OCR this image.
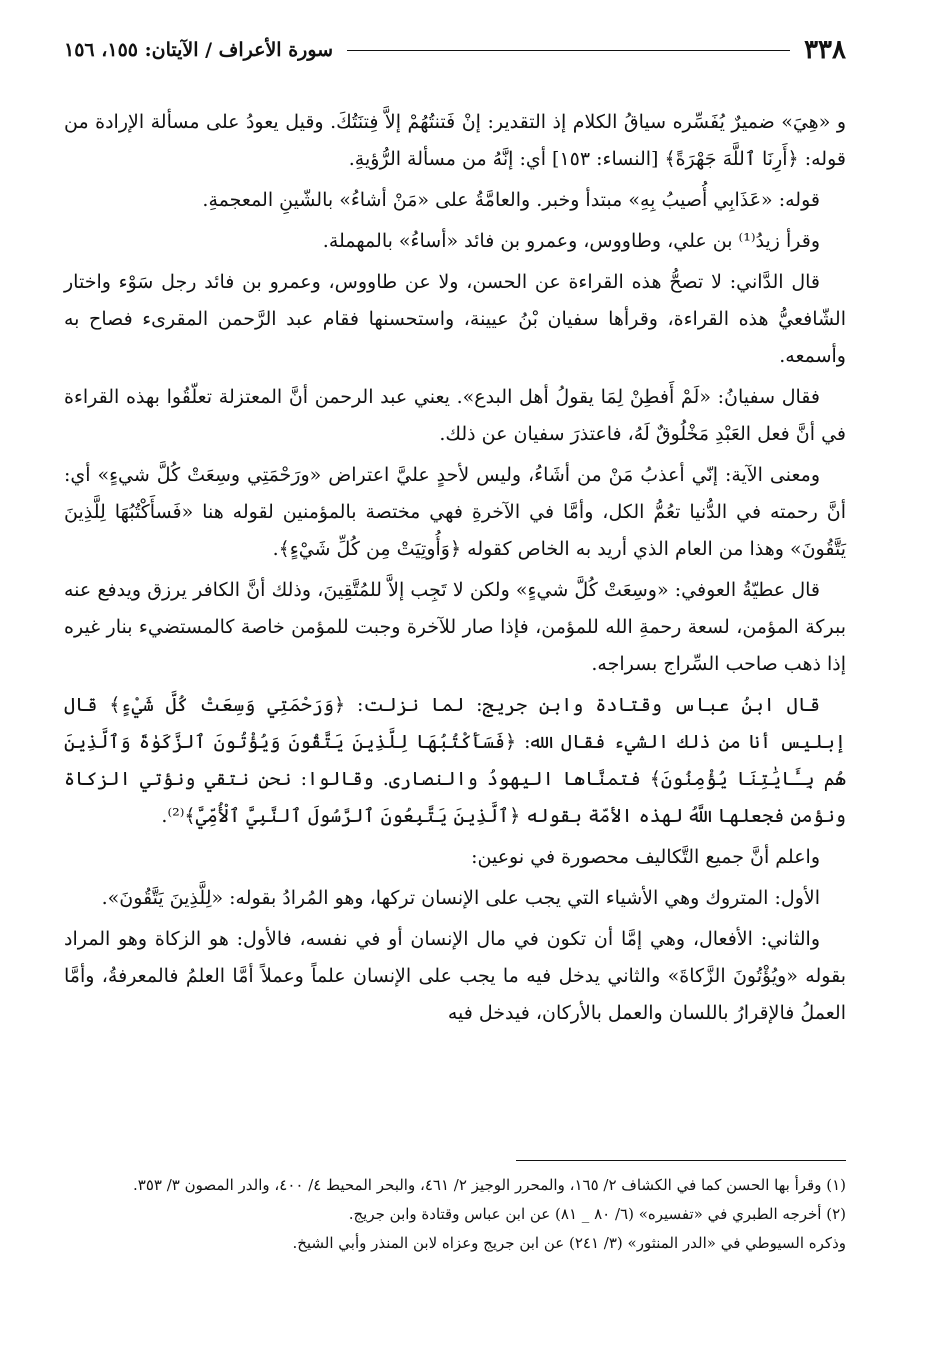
٣٣٨
سورة الأعراف / الآيتان: ١٥٥، ١٥٦

و «هِيَ» ضميرٌ يُفَسِّره سياقُ الكلام إذ التقدير: إنْ فَتنتُهُمْ إلاَّ فِتنَتُكَ. وقيل يعودُ على مسألة الإرادة من قوله: ﴿أَرِنَا ٱللَّهَ جَهْرَةً﴾ [النساء: ١٥٣] أي: إنَّهُ من مسألة الرُّؤيةِ.

قوله: «عَذَابِي أُصيبُ بِهِ» مبتدأ وخبر. والعامَّةُ على «مَنْ أشاءُ» بالشّينِ المعجمةِ.

وقرأ زيدُ⁽¹⁾ بن علي، وطاووس، وعمرو بن فائد «أساءُ» بالمهملة.

قال الدَّاني: لا تصحُّ هذه القراءة عن الحسن، ولا عن طاووس، وعمرو بن فائد رجل سَوْء واختار الشّافعيُّ هذه القراءة، وقرأها سفيان بْنُ عيينة، واستحسنها فقام عبد الرَّحمن المقرىء فصاح به وأسمعه.

فقال سفيانُ: «لَمْ أَفطِنْ لِمَا يقولُ أهل البدع». يعني عبد الرحمن أنَّ المعتزلة تعلّقُوا بهذه القراءة في أنَّ فعل العَبْدِ مَخْلُوقٌ لَهُ، فاعتذرَ سفيان عن ذلك.

ومعنى الآية: إنّي أعذبُ مَنْ من أشَاءُ، وليس لأحدٍ عليَّ اعتراض «ورَحْمَتِي وسِعَتْ كُلَّ شيءٍ» أي: أنَّ رحمته في الدُّنيا تعُمُّ الكل، وأمَّا في الآخرةِ فهي مختصة بالمؤمنين لقوله هنا «فَسأَكْتُبُهَا لِلَّذِينَ يَتَّقُونَ» وهذا من العام الذي أريد به الخاص كقوله ﴿وَأُوتِيَتْ مِن كُلِّ شَيْءٍ﴾.

قال عطيّةُ العوفي: «وسِعَتْ كُلَّ شيءٍ» ولكن لا تَجِب إلاَّ للمُتَّقِينَ، وذلك أنَّ الكافر يرزق ويدفع عنه ببركة المؤمن، لسعة رحمةِ الله للمؤمن، فإذا صار للآخرة وجبت للمؤمن خاصة كالمستضيء بنار غيره إذا ذهب صاحب السِّراج بسراجه.

قال ابنُ عباس وقتادة وابن جريج: لما نزلت: ﴿وَرَحْمَتِي وَسِعَتْ كُلَّ شَيْءٍ﴾ قال إبليس أنا من ذلك الشيء فقال الله: ﴿فَسَأَكْتُبُهَا لِلَّذِينَ يَتَّقُونَ وَيُؤْتُونَ ٱلزَّكَوٰةَ وَٱلَّذِينَ هُم بِـَٔايَٰتِنَا يُؤْمِنُونَ﴾ فتمنَّاها اليهودُ والنصارى. وقالوا: نحن نتقي ونؤتي الزكاة ونؤمن فجعلها اللَّهُ لهذه الأمّة بقوله ﴿ٱلَّذِينَ يَتَّبِعُونَ ٱلرَّسُولَ ٱلنَّبِيَّ ٱلْأُمِّيَّ﴾⁽²⁾.

واعلم أنَّ جميع التَّكاليف محصورة في نوعين:

الأول: المتروك وهي الأشياء التي يجب على الإنسان تركها، وهو المُرادُ بقوله: «لِلَّذِينَ يَتَّقُونَ».

والثاني: الأفعال، وهي إمَّا أن تكون في مال الإنسان أو في نفسه، فالأول: هو الزكاة وهو المراد بقوله «ويُؤْتُونَ الزَّكاةَ» والثاني يدخل فيه ما يجب على الإنسان علماً وعملاً أمَّا العلمُ فالمعرفةُ، وأمَّا العملُ فالإقرارُ باللسان والعمل بالأركان، فيدخل فيه

(١) وقرأ بها الحسن كما في الكشاف ٢/ ١٦٥، والمحرر الوجيز ٢/ ٤٦١، والبحر المحيط ٤/ ٤٠٠، والدر المصون ٣/ ٣٥٣.

(٢) أخرجه الطبري في «تفسيره» (٦/ ٨٠ _ ٨١) عن ابن عباس وقتادة وابن جريج.

وذكره السيوطي في «الدر المنثور» (٣/ ٢٤١) عن ابن جريج وعزاه لابن المنذر وأبي الشيخ.
